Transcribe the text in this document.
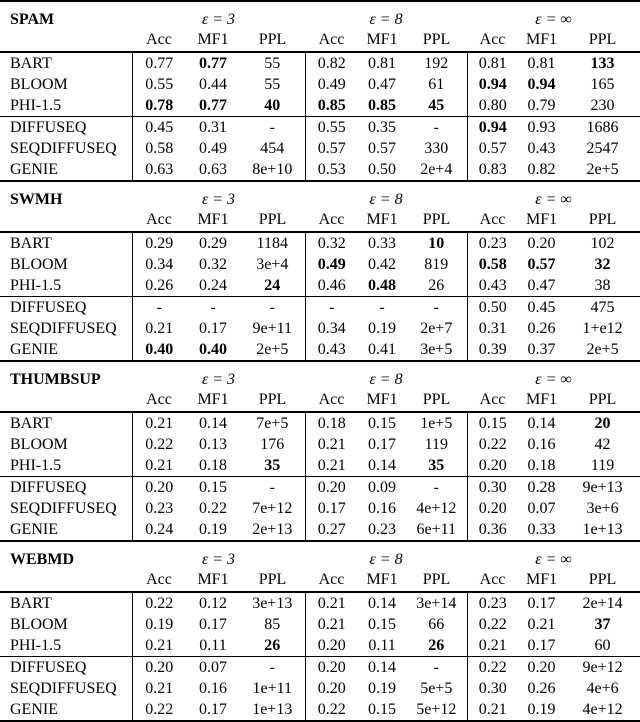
SPAM	ε = 3			ε = 8			ε = ∞		
	Acc	MF1	PPL	Acc	MF1	PPL	Acc	MF1	PPL
BART	0.77	0.77	55	0.82	0.81	192	0.81	0.81	133
BLOOM	0.55	0.44	55	0.49	0.47	61	0.94	0.94	165
PHI-1.5	0.78	0.77	40	0.85	0.85	45	0.80	0.79	230
DIFFUSEQ	0.45	0.31	-	0.55	0.35	-	0.94	0.93	1686
SEQDIFFUSEQ	0.58	0.49	454	0.57	0.57	330	0.57	0.43	2547
GENIE	0.63	0.63	8e+10	0.53	0.50	2e+4	0.83	0.82	2e+5
SWMH	ε = 3			ε = 8			ε = ∞		
	Acc	MF1	PPL	Acc	MF1	PPL	Acc	MF1	PPL
BART	0.29	0.29	1184	0.32	0.33	10	0.23	0.20	102
BLOOM	0.34	0.32	3e+4	0.49	0.42	819	0.58	0.57	32
PHI-1.5	0.26	0.24	24	0.46	0.48	26	0.43	0.47	38
DIFFUSEQ	-	-	-	-	-	-	0.50	0.45	475
SEQDIFFUSEQ	0.21	0.17	9e+11	0.34	0.19	2e+7	0.31	0.26	1+e12
GENIE	0.40	0.40	2e+5	0.43	0.41	3e+5	0.39	0.37	2e+5
THUMBSUP	ε = 3			ε = 8			ε = ∞		
	Acc	MF1	PPL	Acc	MF1	PPL	Acc	MF1	PPL
BART	0.21	0.14	7e+5	0.18	0.15	1e+5	0.15	0.14	20
BLOOM	0.22	0.13	176	0.21	0.17	119	0.22	0.16	42
PHI-1.5	0.21	0.18	35	0.21	0.14	35	0.20	0.18	119
DIFFUSEQ	0.20	0.15	-	0.20	0.09	-	0.30	0.28	9e+13
SEQDIFFUSEQ	0.23	0.22	7e+12	0.17	0.16	4e+12	0.20	0.07	3e+6
GENIE	0.24	0.19	2e+13	0.27	0.23	6e+11	0.36	0.33	1e+13
WEBMD	ε = 3			ε = 8			ε = ∞		
	Acc	MF1	PPL	Acc	MF1	PPL	Acc	MF1	PPL
BART	0.22	0.12	3e+13	0.21	0.14	3e+14	0.23	0.17	2e+14
BLOOM	0.19	0.17	85	0.21	0.15	66	0.22	0.21	37
PHI-1.5	0.21	0.11	26	0.20	0.11	26	0.21	0.17	60
DIFFUSEQ	0.20	0.07	-	0.20	0.14	-	0.22	0.20	9e+12
SEQDIFFUSEQ	0.21	0.16	1e+11	0.20	0.19	5e+5	0.30	0.26	4e+6
GENIE	0.22	0.17	1e+13	0.22	0.15	5e+12	0.21	0.19	4e+12
